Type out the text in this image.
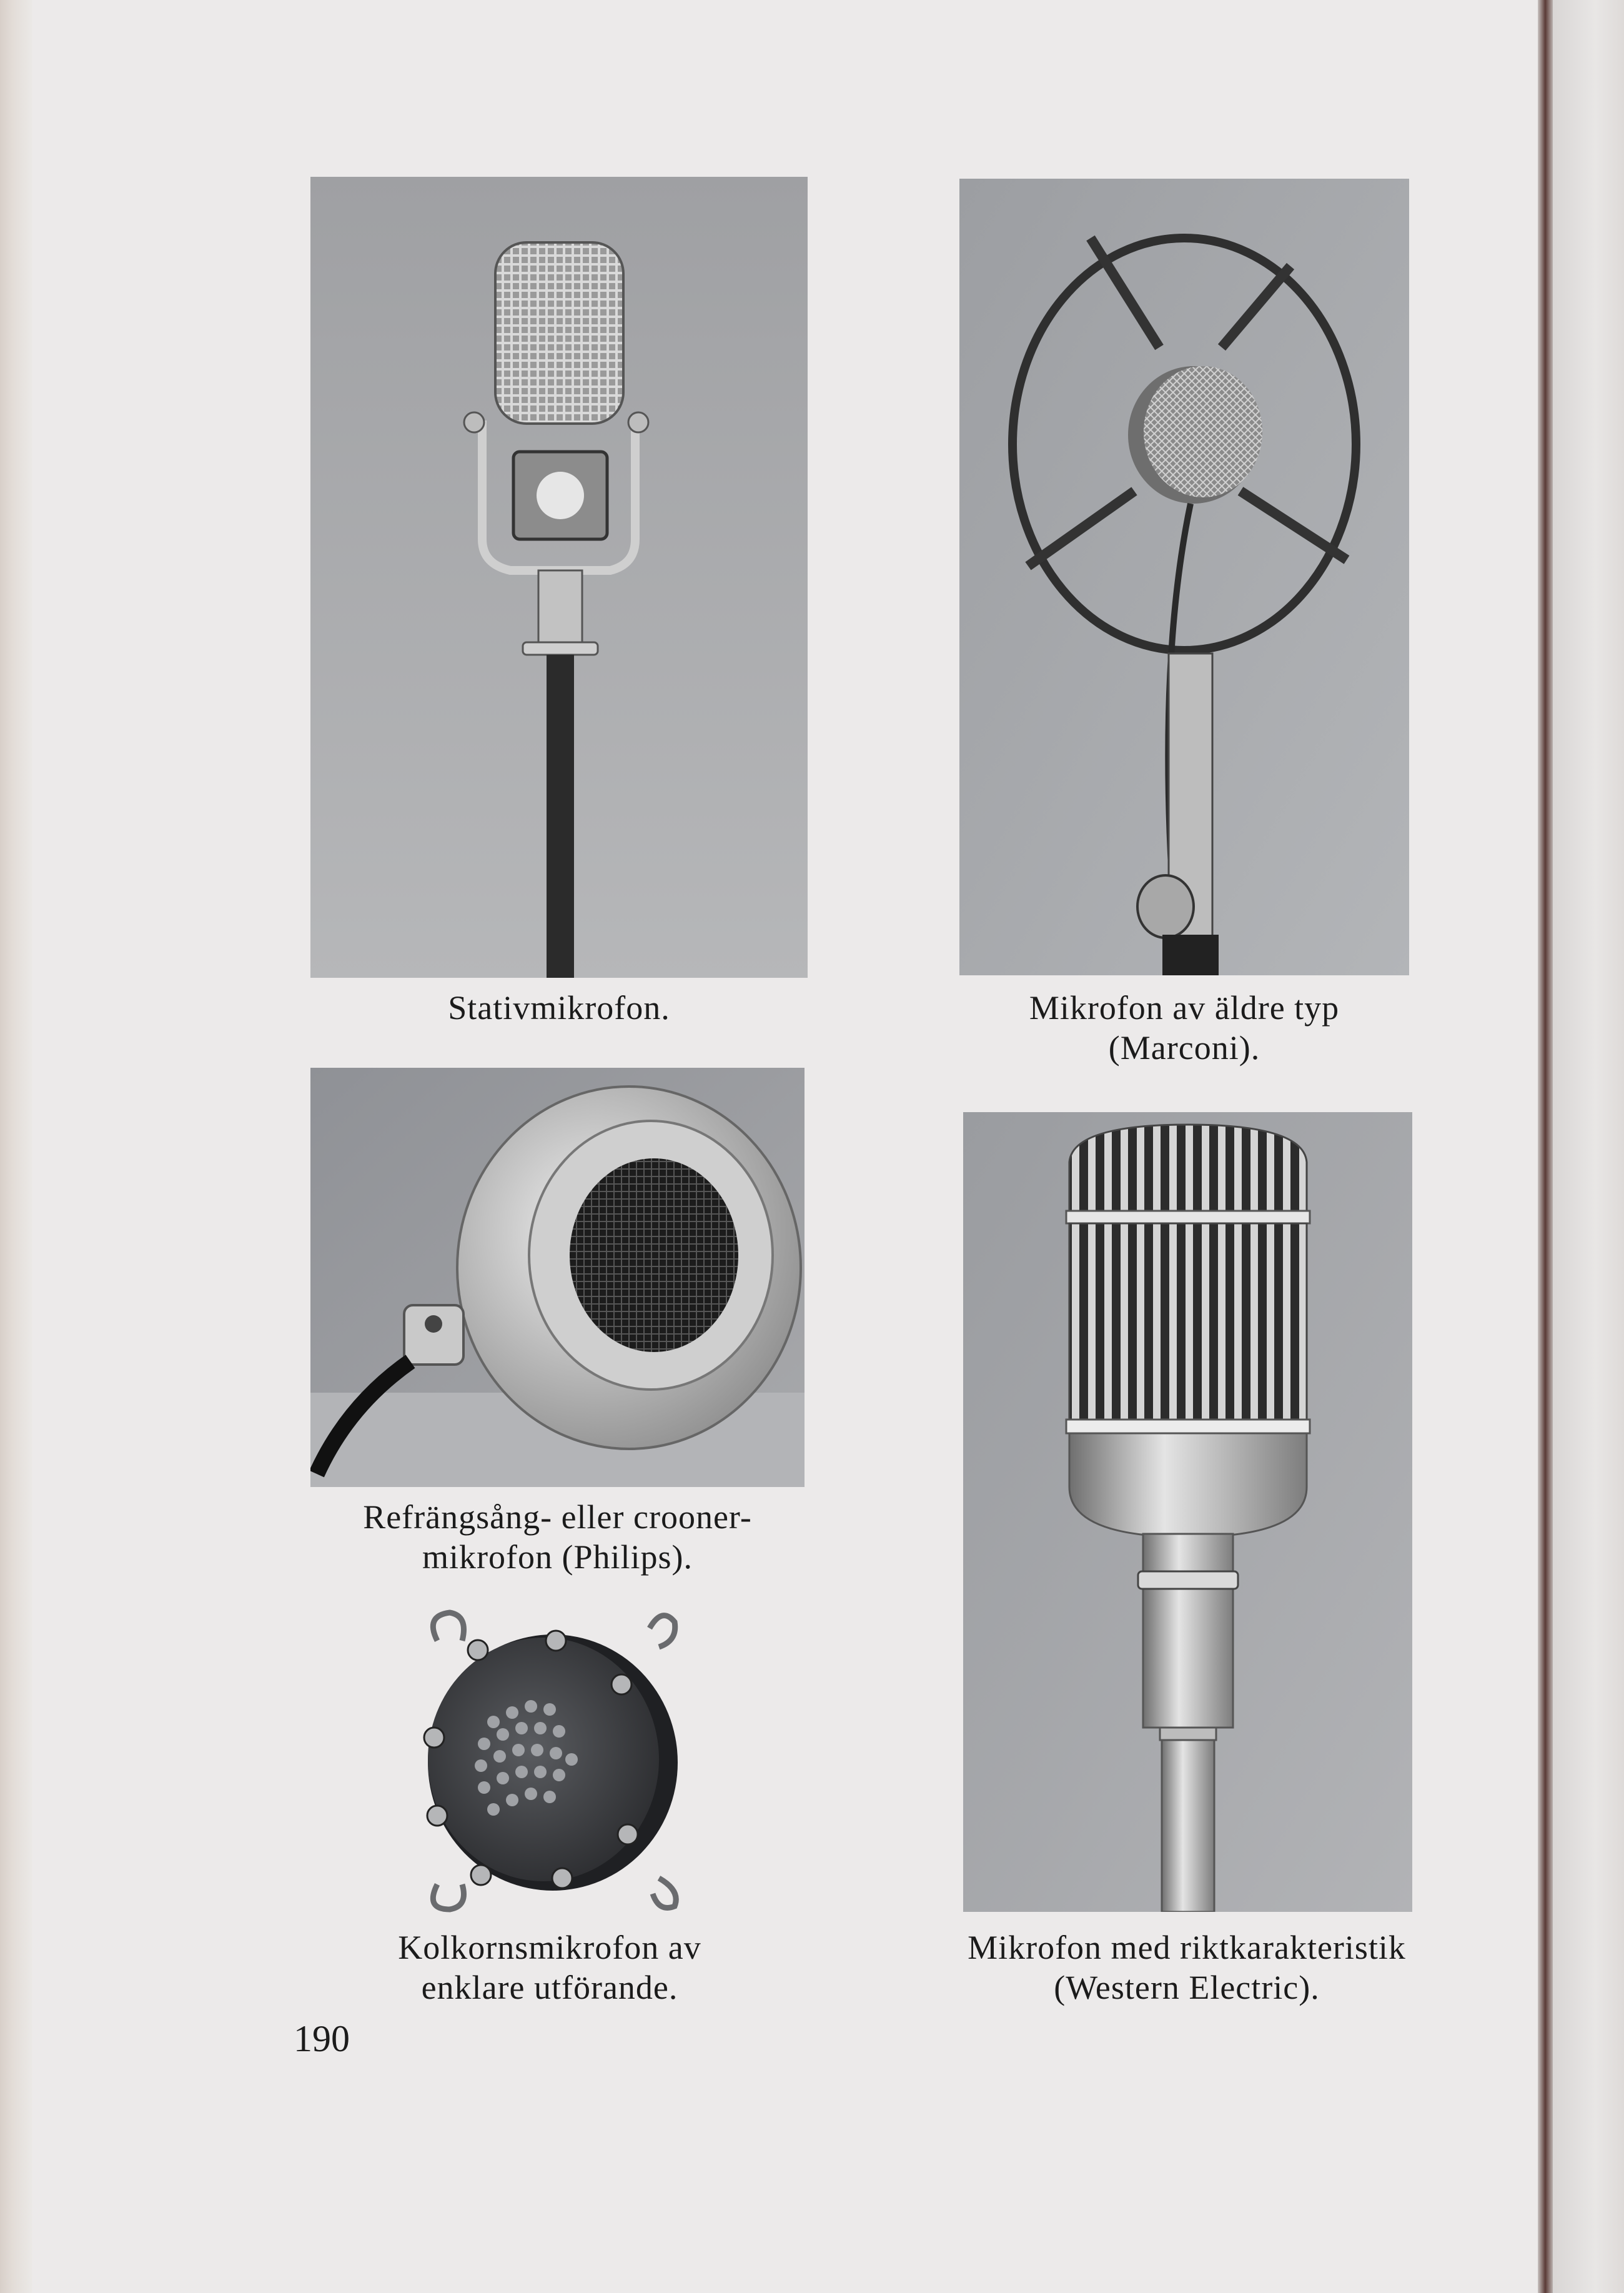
Stativmikrofon.	Mikrofon av äldre typ
(Marconi).
Refrängsång- eller crooner-
mikrofon (Philips).
Kolkornsmikrofon av
enklare utförande.
Mikrofon med riktkarakteristik
(Western Electric).
190
